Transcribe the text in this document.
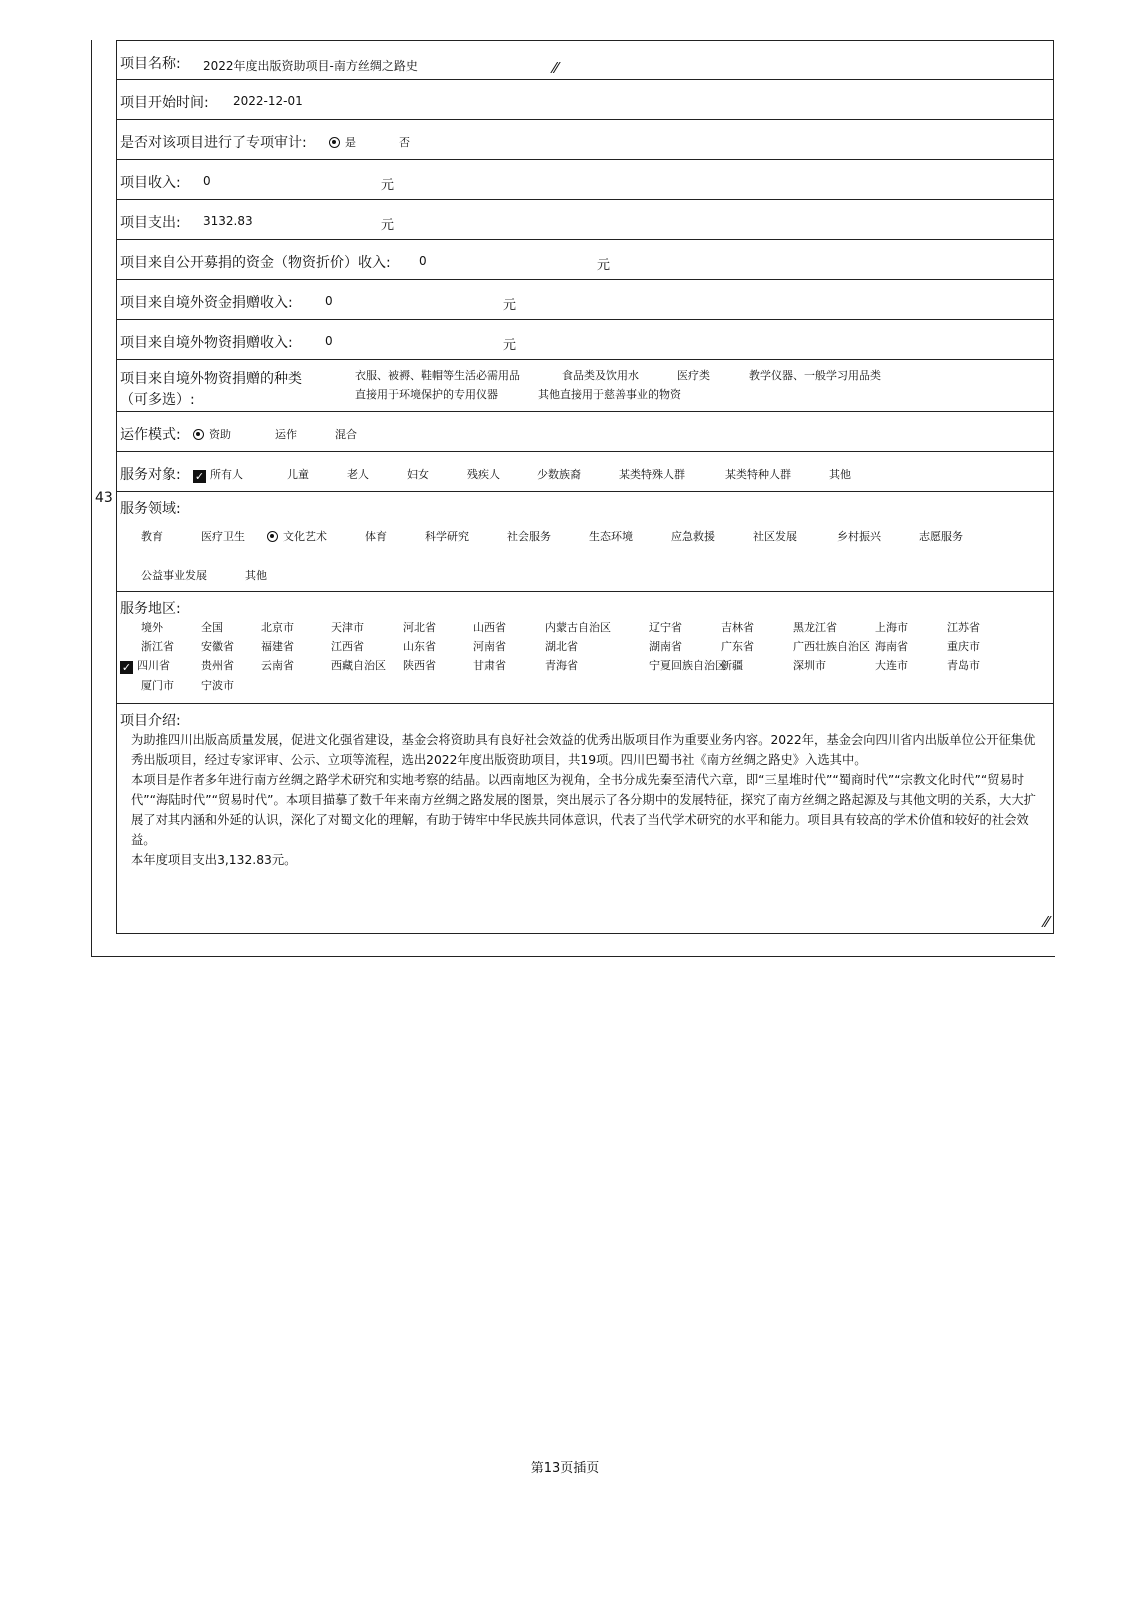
43
项目名称: 2022年度出版资助项目-南方丝绸之路史	⁄⁄
项目开始时间: 2022-12-01
是否对该项目进行了专项审计:	是	否
项目收入: 0	元
项目支出: 3132.83	元
项目来自公开募捐的资金（物资折价）收入: 0	元
项目来自境外资金捐赠收入:	0	元
项目来自境外物资捐赠收入:	0	元
项目来自境外物资捐赠的种类
（可多选）:
衣服、被褥、鞋帽等生活必需用品	食品类及饮用水	医疗类	教学仪器、一般学习用品类
直接用于环境保护的专用仪器	其他直接用于慈善事业的物资
运作模式:	资助	运作	混合
服务对象: ✓ 所有人	儿童	老人	妇女	残疾人	少数族裔	某类特殊人群	某类特种人群	其他
服务领域:
教育	医疗卫生	文化艺术	体育	科学研究	社会服务	生态环境	应急救援	社区发展	乡村振兴	志愿服务
公益事业发展	其他
服务地区:
境外	全国	北京市	天津市	河北省	山西省	内蒙古自治区	辽宁省	吉林省	黑龙江省	上海市	江苏省
浙江省 安徽省 福建省	江西省	山东省	河南省	湖北省	湖南省	广东省	广西壮族自治区 海南省	重庆市
✓ 四川省	贵州省 云南省	西藏自治区 陕西省	甘肃省	青海省	宁夏回族自治区
新疆	深圳市	大连市	青岛市
厦门市 宁波市
项目介绍:

为助推四川出版高质量发展，促进文化强省建设，基金会将资助具有良好社会效益的优秀出版项目作为重要业务内容。2022年，基金会向四川省内出版单位公开征集优秀出版项目，经过专家评审、公示、立项等流程，选出2022年度出版资助项目，共19项。四川巴蜀书社《南方丝绸之路史》入选其中。

本项目是作者多年进行南方丝绸之路学术研究和实地考察的结晶。以西南地区为视角，全书分成先秦至清代六章，即“三星堆时代”“蜀商时代”“宗教文化时代”“贸易时代”“海陆时代”“贸易时代”。本项目描摹了数千年来南方丝绸之路发展的图景，突出展示了各分期中的发展特征，探究了南方丝绸之路起源及与其他文明的关系，大大扩展了对其内涵和外延的认识，深化了对蜀文化的理解，有助于铸牢中华民族共同体意识，代表了当代学术研究的水平和能力。项目具有较高的学术价值和较好的社会效益。

本年度项目支出3,132.83元。

⁄⁄
第13页插页
